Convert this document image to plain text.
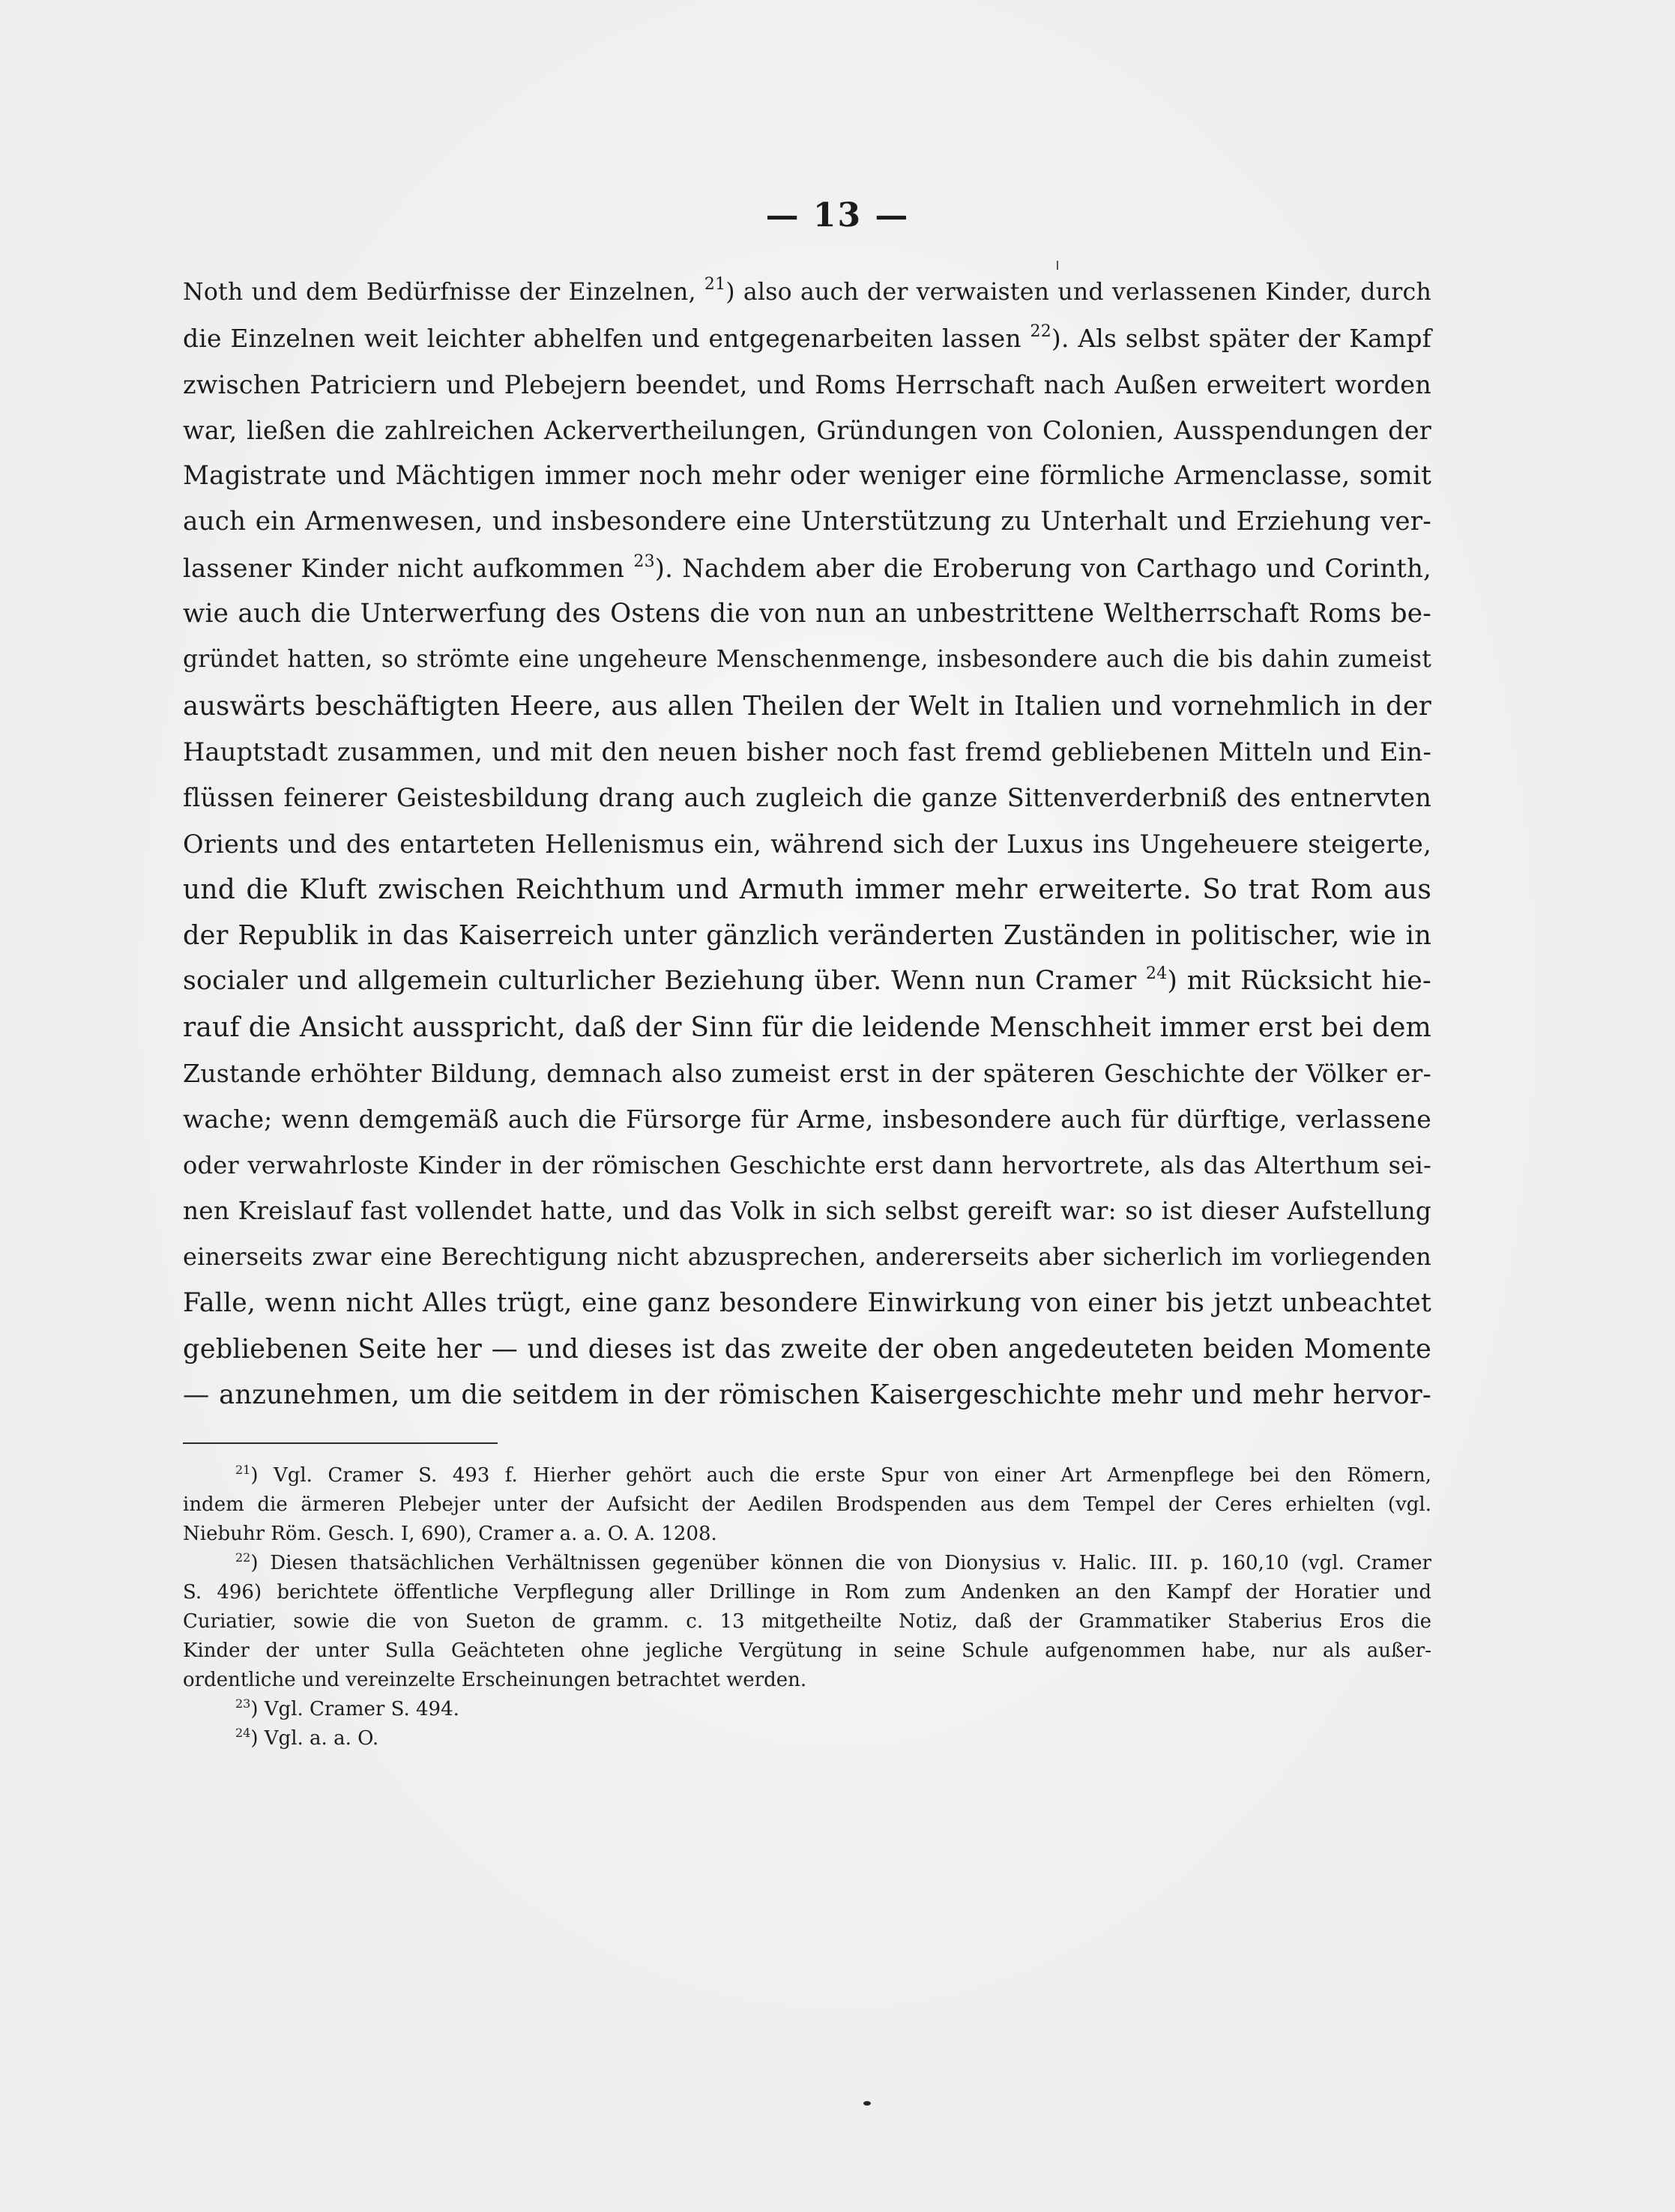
— 13 —
Noth und dem Bedürfnisse der Einzelnen, $^{21}$) also auch der verwaisten und verlassenen Kinder, durch
die Einzelnen weit leichter abhelfen und entgegenarbeiten lassen $^{22}$). Als selbst später der Kampf
zwischen Patriciern und Plebejern beendet, und Roms Herrschaft nach Außen erweitert worden
war, ließen die zahlreichen Ackervertheilungen, Gründungen von Colonien, Ausspendungen der
Magistrate und Mächtigen immer noch mehr oder weniger eine förmliche Armenclasse, somit
auch ein Armenwesen, und insbesondere eine Unterstützung zu Unterhalt und Erziehung ver-
lassener Kinder nicht aufkommen $^{23}$). Nachdem aber die Eroberung von Carthago und Corinth,
wie auch die Unterwerfung des Ostens die von nun an unbestrittene Weltherrschaft Roms be-
gründet hatten, so strömte eine ungeheure Menschenmenge, insbesondere auch die bis dahin zumeist
auswärts beschäftigten Heere, aus allen Theilen der Welt in Italien und vornehmlich in der
Hauptstadt zusammen, und mit den neuen bisher noch fast fremd gebliebenen Mitteln und Ein-
flüssen feinerer Geistesbildung drang auch zugleich die ganze Sittenverderbniß des entnervten
Orients und des entarteten Hellenismus ein, während sich der Luxus ins Ungeheuere steigerte,
und die Kluft zwischen Reichthum und Armuth immer mehr erweiterte. So trat Rom aus
der Republik in das Kaiserreich unter gänzlich veränderten Zuständen in politischer, wie in
socialer und allgemein culturlicher Beziehung über. Wenn nun Cramer $^{24}$) mit Rücksicht hie-
rauf die Ansicht ausspricht, daß der Sinn für die leidende Menschheit immer erst bei dem
Zustande erhöhter Bildung, demnach also zumeist erst in der späteren Geschichte der Völker er-
wache; wenn demgemäß auch die Fürsorge für Arme, insbesondere auch für dürftige, verlassene
oder verwahrloste Kinder in der römischen Geschichte erst dann hervortrete, als das Alterthum sei-
nen Kreislauf fast vollendet hatte, und das Volk in sich selbst gereift war: so ist dieser Aufstellung
einerseits zwar eine Berechtigung nicht abzusprechen, andererseits aber sicherlich im vorliegenden
Falle, wenn nicht Alles trügt, eine ganz besondere Einwirkung von einer bis jetzt unbeachtet
gebliebenen Seite her — und dieses ist das zweite der oben angedeuteten beiden Momente
— anzunehmen, um die seitdem in der römischen Kaisergeschichte mehr und mehr hervor-
$^{21}$) Vgl. Cramer S. 493 f. Hierher gehört auch die erste Spur von einer Art Armenpflege bei den Römern,
indem die ärmeren Plebejer unter der Aufsicht der Aedilen Brodspenden aus dem Tempel der Ceres erhielten (vgl.
Niebuhr Röm. Gesch. I, 690), Cramer a. a. O. A. 1208.
$^{22}$) Diesen thatsächlichen Verhältnissen gegenüber können die von Dionysius v. Halic. III. p. 160,10 (vgl. Cramer
S. 496) berichtete öffentliche Verpflegung aller Drillinge in Rom zum Andenken an den Kampf der Horatier und
Curiatier, sowie die von Sueton de gramm. c. 13 mitgetheilte Notiz, daß der Grammatiker Staberius Eros die
Kinder der unter Sulla Geächteten ohne jegliche Vergütung in seine Schule aufgenommen habe, nur als außer-
ordentliche und vereinzelte Erscheinungen betrachtet werden.
$^{23}$) Vgl. Cramer S. 494.
$^{24}$) Vgl. a. a. O.
